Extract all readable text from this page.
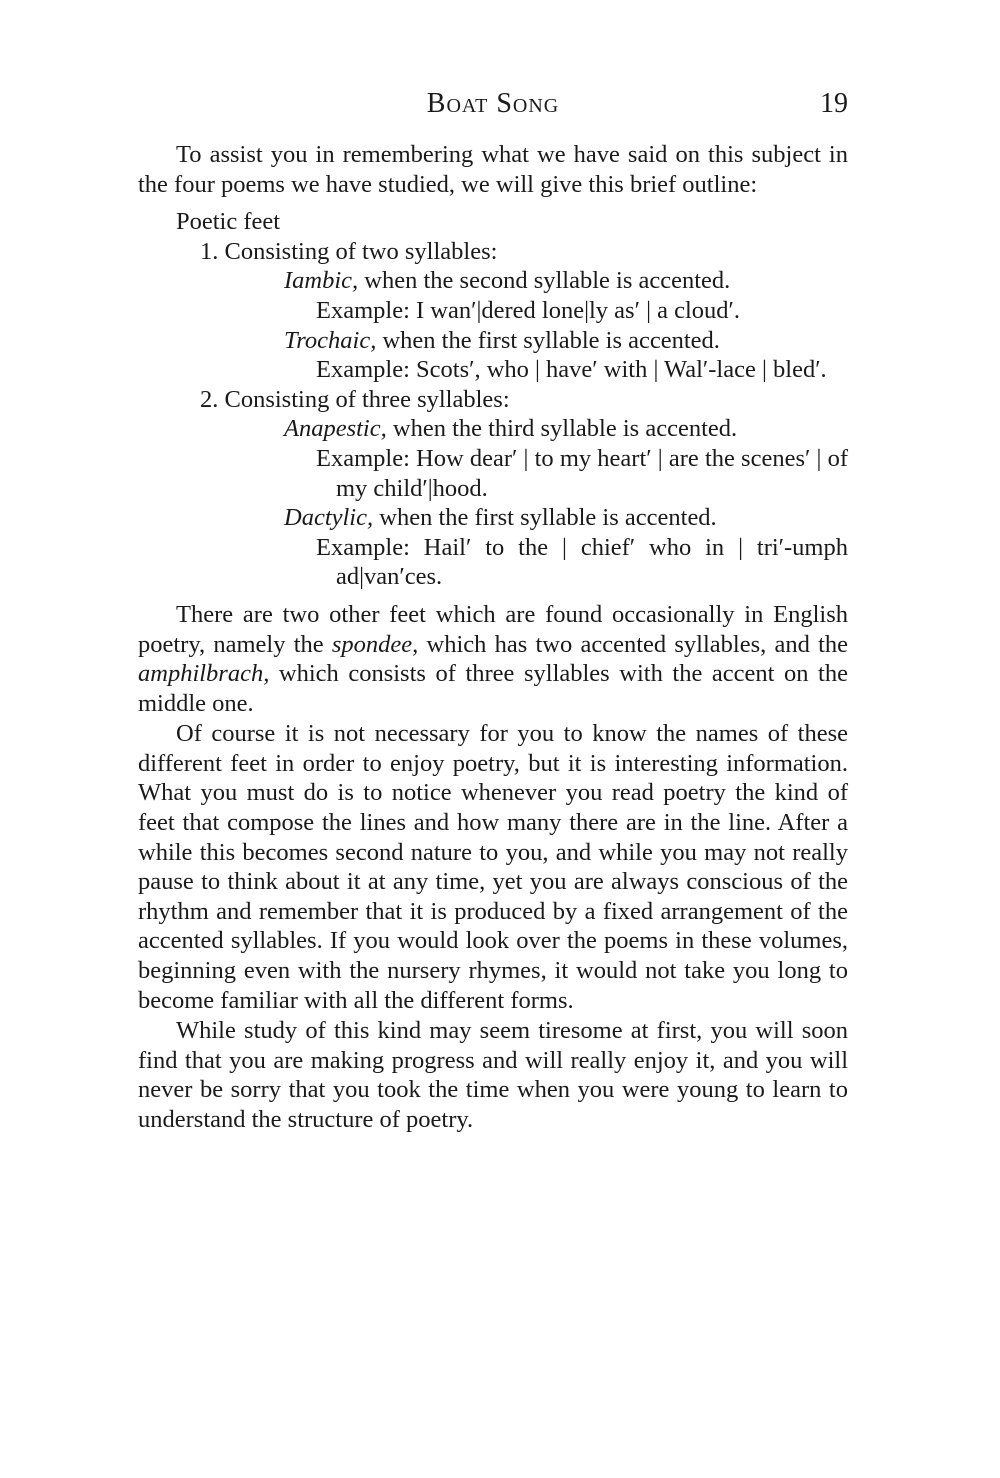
Boat Song	19

To assist you in remembering what we have said on this subject in the four poems we have studied, we will give this brief outline:

Poetic feet
1. Consisting of two syllables:
Iambic, when the second syllable is accented.
Example: I wan′|dered lone|ly as′ | a cloud′.
Trochaic, when the first syllable is accented.
Example: Scots′, who | have′ with | Wal′-lace | bled′.
2. Consisting of three syllables:
Anapestic, when the third syllable is accented.
Example: How dear′ | to my heart′ | are the scenes′ | of my child′|hood.
Dactylic, when the first syllable is accented.
Example: Hail′ to the | chief′ who in | tri′-umph ad|van′ces.

There are two other feet which are found occasionally in English poetry, namely the spondee, which has two accented syllables, and the amphilbrach, which consists of three syllables with the accent on the middle one.

Of course it is not necessary for you to know the names of these different feet in order to enjoy poetry, but it is interesting information. What you must do is to notice whenever you read poetry the kind of feet that compose the lines and how many there are in the line. After a while this becomes second nature to you, and while you may not really pause to think about it at any time, yet you are always conscious of the rhythm and remember that it is produced by a fixed arrangement of the accented syllables. If you would look over the poems in these volumes, beginning even with the nursery rhymes, it would not take you long to become familiar with all the different forms.

While study of this kind may seem tiresome at first, you will soon find that you are making progress and will really enjoy it, and you will never be sorry that you took the time when you were young to learn to understand the structure of poetry.
